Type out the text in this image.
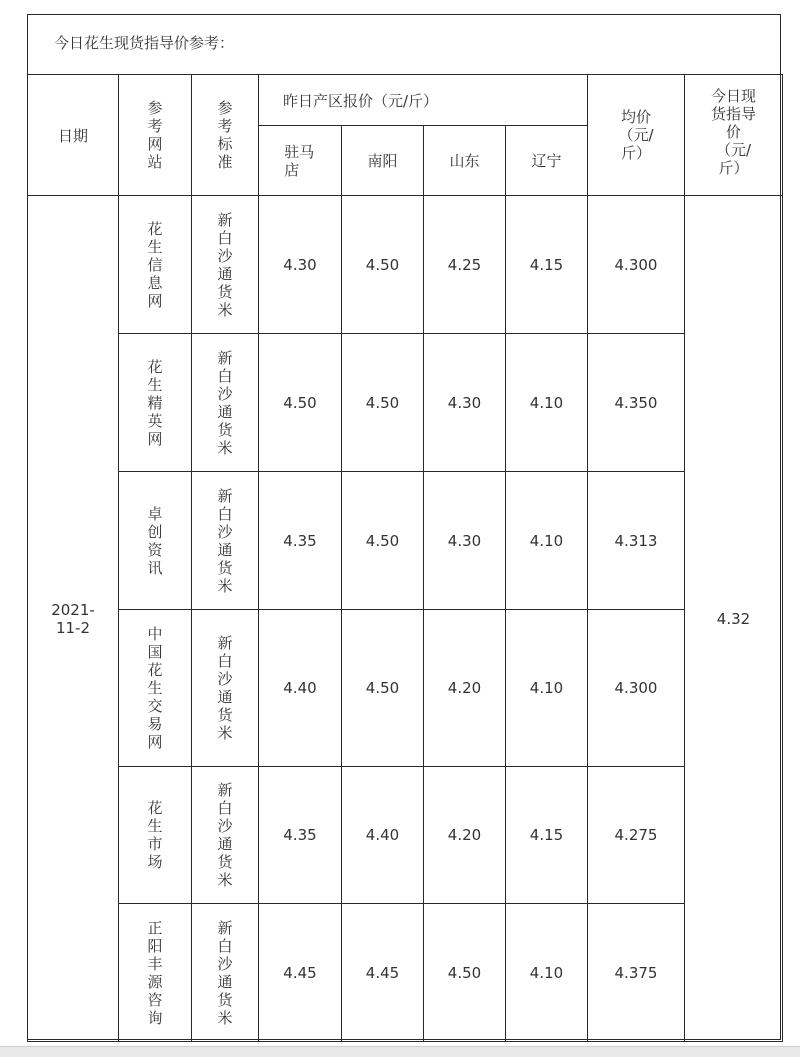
今日花生现货指导价参考：
日期	参考网站	参考标准	昨日产区报价（元/斤）				均价（元/斤）	今日现货指导价（元/斤）
			驻马店	南阳	山东	辽宁		
2021-11-2	花生信息网	新白沙通货米	4.30	4.50	4.25	4.15	4.300	4.32
	花生精英网	新白沙通货米	4.50	4.50	4.30	4.10	4.350	
	卓创资讯	新白沙通货米	4.35	4.50	4.30	4.10	4.313	
	中国花生交易网	新白沙通货米	4.40	4.50	4.20	4.10	4.300	
	花生市场	新白沙通货米	4.35	4.40	4.20	4.15	4.275	
	正阳丰源咨询	新白沙通货米	4.45	4.45	4.50	4.10	4.375	
